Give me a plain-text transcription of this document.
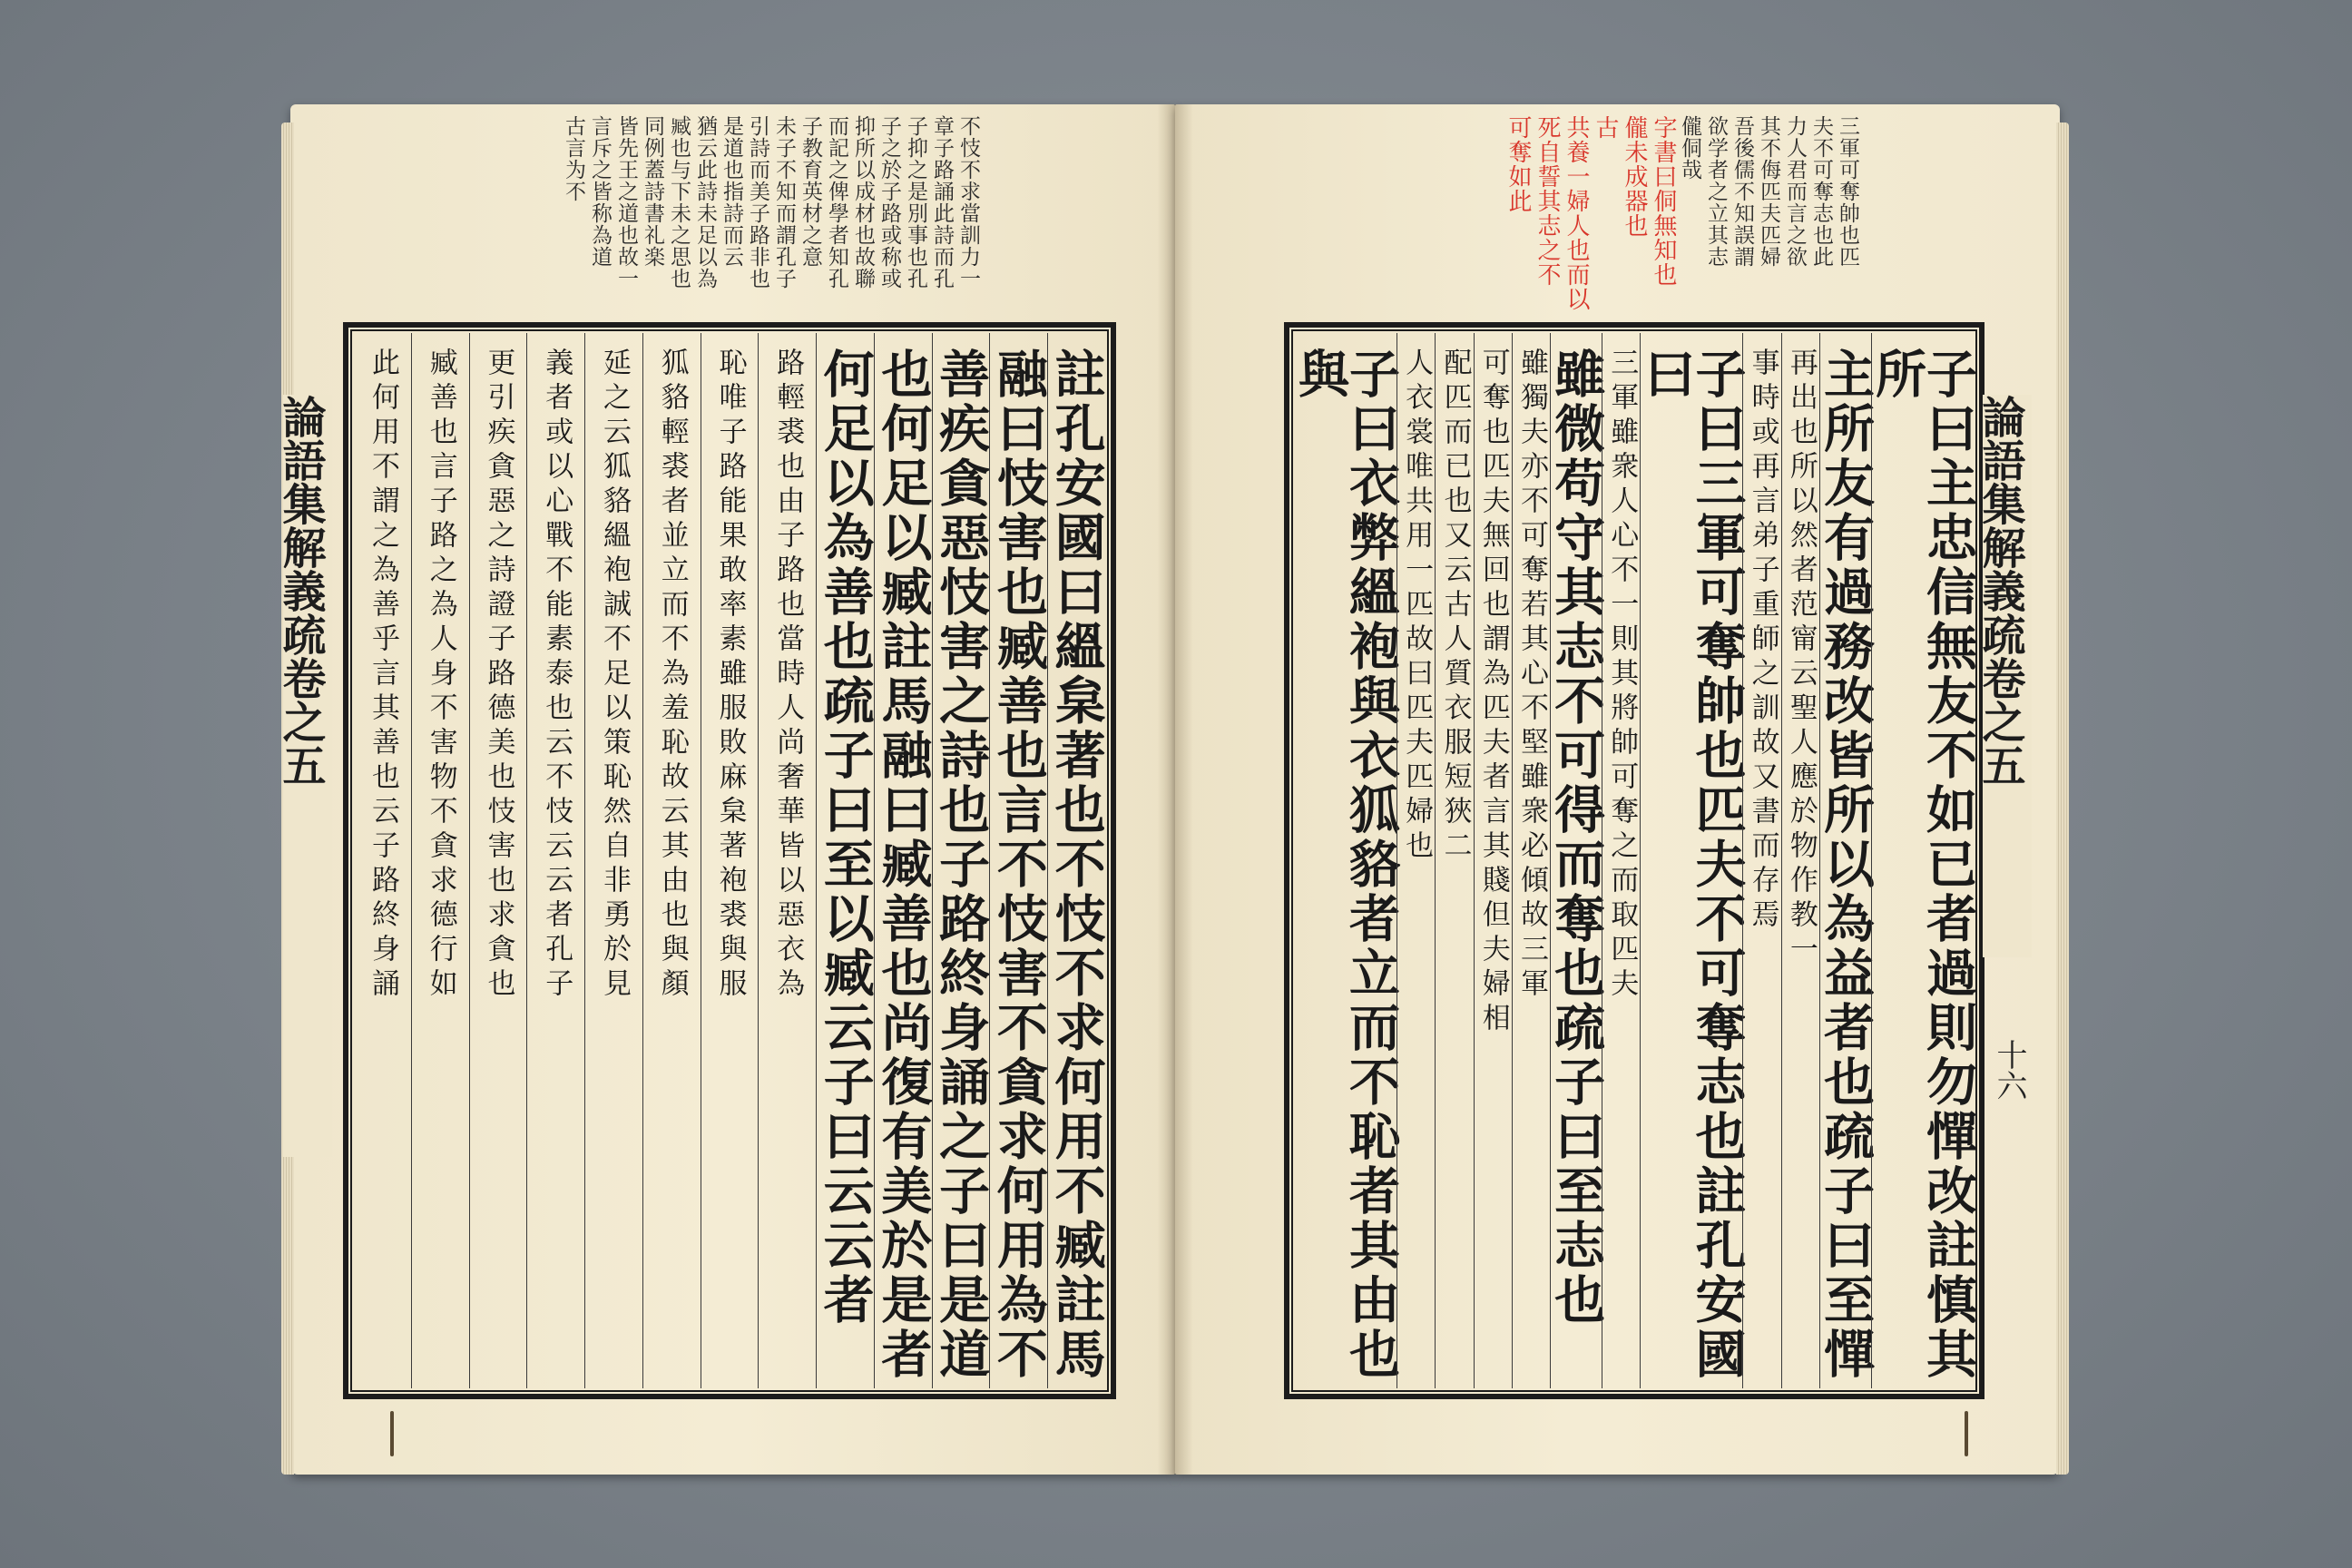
不忮不求當訓力一
章子路誦此詩而孔
子抑之是別事也孔
子之於子路或称或
抑所以成材也故聯
而記之俾學者知孔
子教育英材之意
未子不知而謂孔子
引詩而美子路非也
是道也指詩而云
猶云此詩未足以為
臧也与下未之思也
同例蓋詩書礼楽
皆先王之道也故一
言斥之皆称為道
古言为不
註孔安國曰縕枲著也不忮不求何用不臧註馬
融曰忮害也臧善也言不忮害不貪求何用為不
善疾貪惡忮害之詩也子路終身誦之子曰是道
也何足以臧註馬融曰臧善也尚復有美於是者
何足以為善也疏子曰至以臧云子曰云云者
路輕裘也由子路也當時人尚奢華皆以惡衣為
恥唯子路能果敢率素雖服敗麻枲著袍裘與服
狐貉輕裘者並立而不為羞恥故云其由也與顏
延之云狐貉縕袍誠不足以策恥然自非勇於見
義者或以心戰不能素泰也云不忮云云者孔子
更引疾貪惡之詩證子路德美也忮害也求貪也
臧善也言子路之為人身不害物不貪求德行如
此何用不謂之為善乎言其善也云子路終身誦
論語集解義疏卷之五
三軍可奪帥也匹
夫不可奪志也此
力人君而言之欲
其不侮匹夫匹婦
吾後儒不知誤謂
欲学者之立其志
儱侗哉
字書曰侗無知也
儱未成器也
古
共養一婦人也而以
死自誓其志之不
可奪如此
子曰主忠信無友不如已者過則勿憚改註慎其所
主所友有過務改皆所以為益者也疏子曰至憚
再出也所以然者范甯云聖人應於物作教一
事時或再言弟子重師之訓故又書而存焉
子曰三軍可奪帥也匹夫不可奪志也註孔安國曰
三軍雖衆人心不一則其將帥可奪之而取匹夫
雖微苟守其志不可得而奪也疏子曰至志也
雖獨夫亦不可奪若其心不堅雖衆必傾故三軍
可奪也匹夫無回也謂為匹夫者言其賤但夫婦相
配匹而已也又云古人質衣服短狹二
人衣裳唯共用一匹故曰匹夫匹婦也
子曰衣弊縕袍與衣狐貉者立而不恥者其由也與
論語集解義疏卷之五
十六
